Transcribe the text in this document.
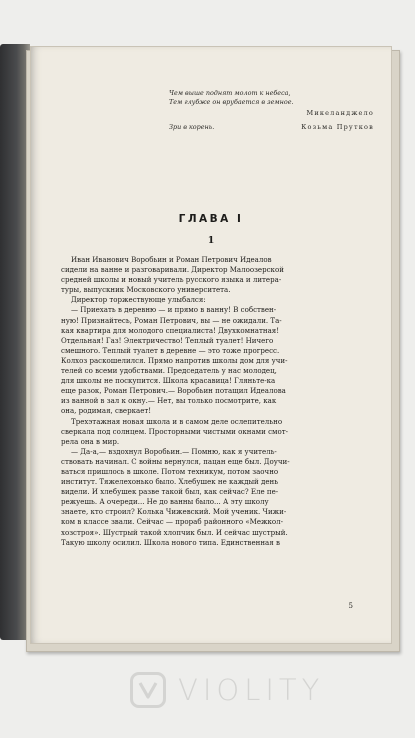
Чем выше поднят молот к небеса,
Тем глубже он врубается в земное.
Микеланджело
Зри в корень.	Козьма Прутков
ГЛАВА I
1
Иван Иванович Воробьин и Роман Петрович Идеалов
сидели на ванне и разговаривали. Директор Малоозерской
средней школы и новый учитель русского языка и литера-
туры, выпускник Московского университета.
Директор торжествующе улыбался:
— Приехать в деревню — и прямо в ванну! В собствен-
ную! Признайтесь, Роман Петрович, вы — не ожидали. Та-
кая квартира для молодого специалиста! Двухкомнатная!
Отдельная! Газ! Электричество! Теплый туалет! Ничего
смешного. Теплый туалет в деревне — это тоже прогресс.
Колхоз раскошелился. Прямо напротив школы дом для учи-
телей со всеми удобствами. Председатель у нас молодец,
для школы не поскупится. Школа красавица! Гляньте-ка
еще разок, Роман Петрович.— Воробьин потащил Идеалова
из ванной в зал к окну.— Нет, вы только посмотрите, как
она, родимая, сверкает!
Трехэтажная новая школа и в самом деле ослепительно
сверкала под солнцем. Просторными чистыми окнами смот-
рела она в мир.
— Да-а,— вздохнул Воробьин.— Помню, как я учитель-
ствовать начинал. С войны вернулся, пацан еще был. Доучи-
ваться пришлось в школе. Потом техникум, потом заочно
институт. Тяжелехонько было. Хлебушек не каждый день
видели. И хлебушек разве такой был, как сейчас? Еле пе-
режуешь. А очереди... Не до ванны было... А эту школу
знаете, кто строил? Колька Чижевский. Мой ученик. Чижи-
ком в классе звали. Сейчас — прораб районного «Межкол-
хозстроя». Шустрый такой хлопчик был. И сейчас шустрый.
Такую школу осилил. Школа нового типа. Единственная в
5
VIOLITY
